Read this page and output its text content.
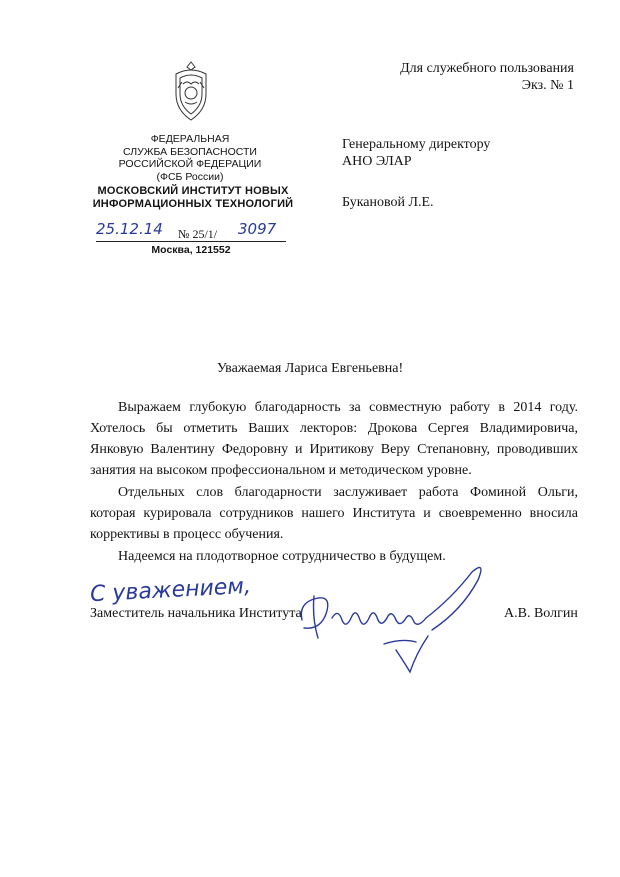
Для служебного пользования
Экз. № 1
ФЕДЕРАЛЬНАЯ
СЛУЖБА БЕЗОПАСНОСТИ
РОССИЙСКОЙ ФЕДЕРАЦИИ
(ФСБ России)
МОСКОВСКИЙ ИНСТИТУТ НОВЫХ
ИНФОРМАЦИОННЫХ ТЕХНОЛОГИЙ
25.12.14 № 25/1/ 3097
Москва, 121552
Генеральному директору
АНО ЭЛАР
Букановой Л.Е.
Уважаемая Лариса Евгеньевна!

Выражаем глубокую благодарность за совместную работу в 2014 году. Хотелось бы отметить Ваших лекторов: Дрокова Сергея Владимировича, Янковую Валентину Федоровну и Иритикову Веру Степановну, проводивших занятия на высоком профессиональном и методическом уровне.

Отдельных слов благодарности заслуживает работа Фоминой Ольги, которая курировала сотрудников нашего Института и своевременно вносила коррективы в процесс обучения.

Надеемся на плодотворное сотрудничество в будущем.

С уважением,
Заместитель начальника Института	А.В. Волгин
